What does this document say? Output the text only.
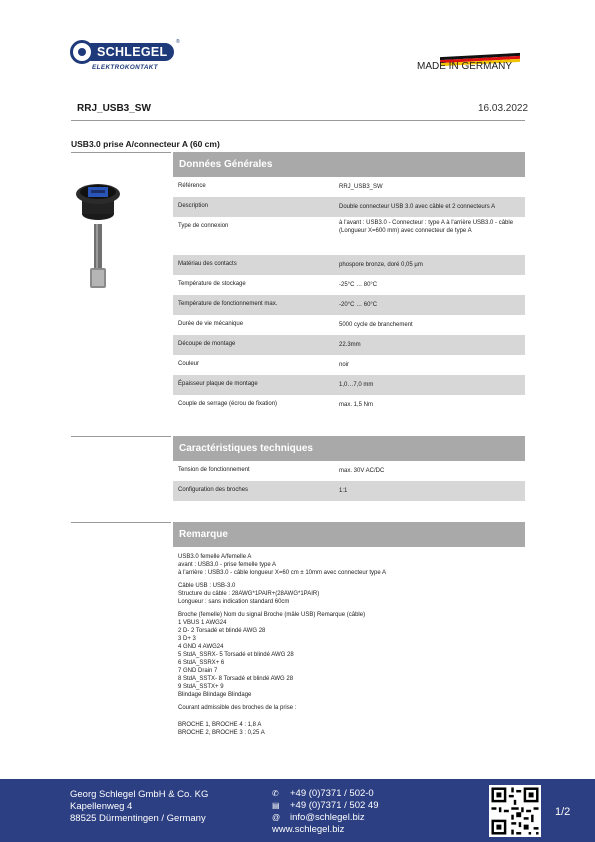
SCHLEGEL
®
ELEKTROKONTAKT	MADE IN GERMANY
RRJ_USB3_SW	16.03.2022
USB3.0 prise A/connecteur A (60 cm)
Données Générales
Référence	RRJ_USB3_SW
Description	Double connecteur USB 3.0 avec câble et 2 connecteurs A
Type de connexion	à l'avant : USB3.0 - Connecteur : type A à l'arrière USB3.0 - câble
(Longueur X=600 mm) avec connecteur de type A
Matériau des contacts	phospore bronze, doré 0,05 µm
Température de stockage	-25°C … 80°C
Température de fonctionnement max.	-20°C … 60°C
Durée de vie mécanique	5000 cycle de branchement
Découpe de montage	22.3mm
Couleur	noir
Épaisseur plaque de montage	1,0…7,0 mm
Couple de serrage (écrou de fixation)	max. 1,5 Nm
Caractéristiques techniques
Tension de fonctionnement	max. 30V AC/DC
Configuration des broches	1:1
Remarque

USB3.0 femelle A/femelle A
avant : USB3.0 - prise femelle type A
à l'arrière : USB3.0 - câble longueur X=60 cm ± 10mm avec connecteur type A

Câble USB : USB-3.0
Structure du câble : 28AWG*1PAIR+(28AWG*1PAIR)
Longueur : sans indication standard 60cm

Broche (femelle) Nom du signal Broche (mâle USB) Remarque (câble)
1 VBUS 1 AWG24
2 D- 2 Torsadé et blindé AWG 28
3 D+ 3
4 GND 4 AWG24
5 StdA_SSRX- 5 Torsadé et blindé AWG 28
6 StdA_SSRX+ 6
7 GND Drain 7
8 StdA_SSTX- 8 Torsadé et blindé AWG 28
9 StdA_SSTX+ 9
Blindage Blindage Blindage

Courant admissible des broches de la prise :

BROCHE 1, BROCHE 4 : 1,8 A
BROCHE 2, BROCHE 3 : 0,25 A

Georg Schlegel GmbH & Co. KG
Kapellenweg 4
88525 Dürmentingen / Germany
✆ +49 (0)7371 / 502-0
▤ +49 (0)7371 / 502 49
@ info@schlegel.biz
www.schlegel.biz
1/2
